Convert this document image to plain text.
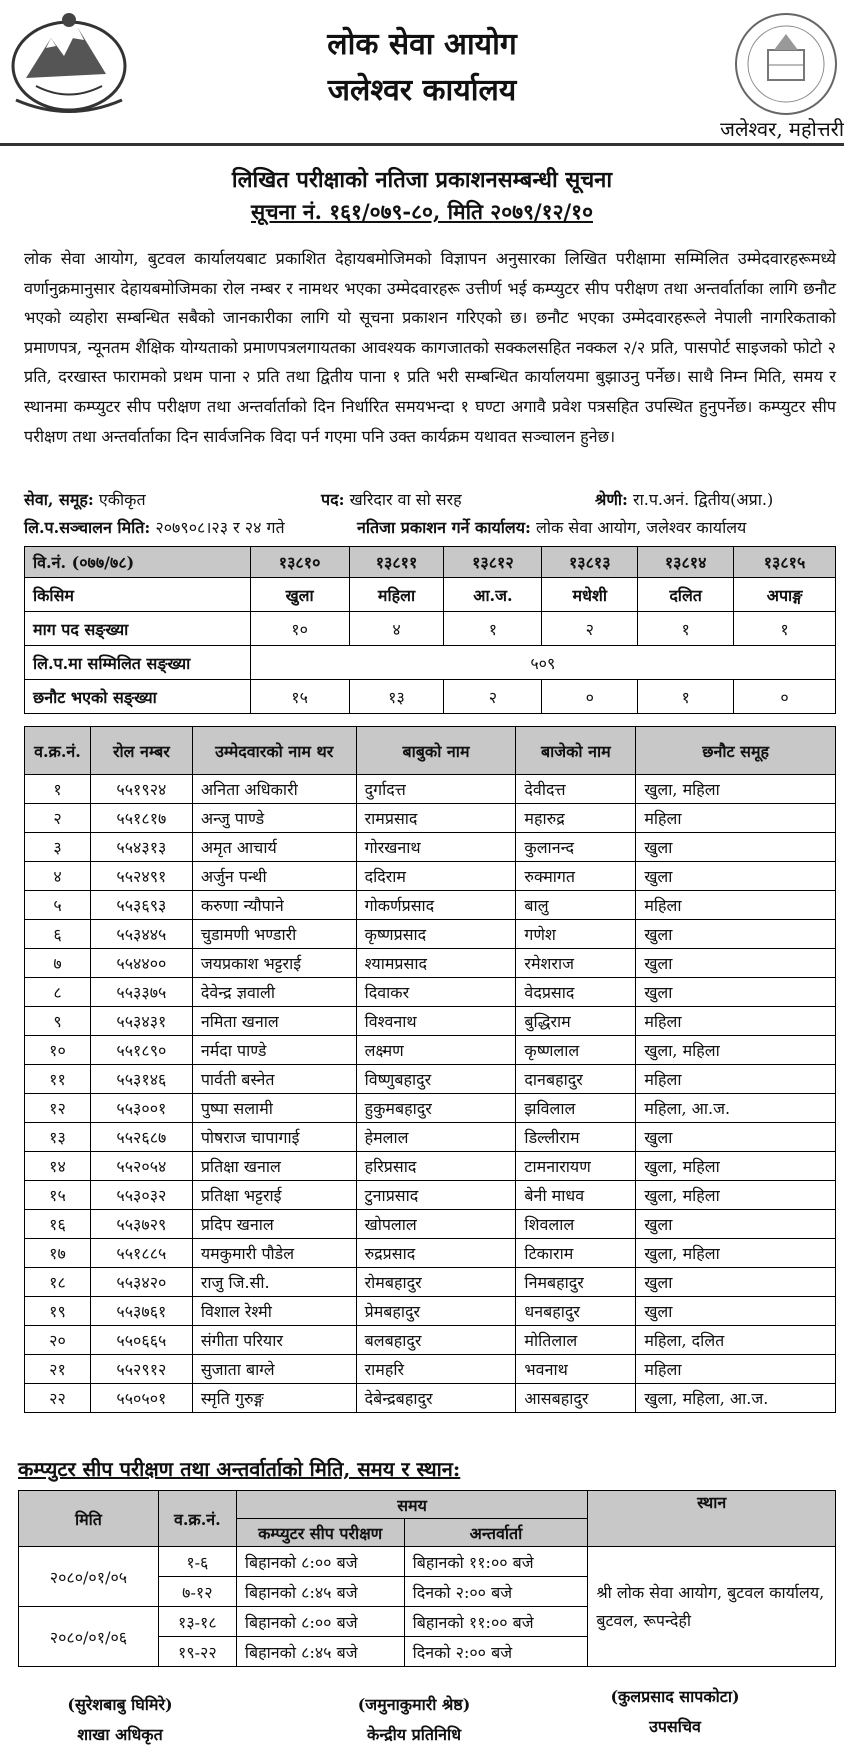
लोक सेवा आयोग
जलेश्वर कार्यालय
जलेश्वर, महोत्तरी
लिखित परीक्षाको नतिजा प्रकाशनसम्बन्धी सूचना
सूचना नं. १६१/०७९-८०, मिति २०७९/१२/१०
लोक सेवा आयोग, बुटवल कार्यालयबाट प्रकाशित देहायबमोजिमको विज्ञापन अनुसारका लिखित परीक्षामा सम्मिलित उम्मेदवारहरूमध्ये वर्णानुक्रमानुसार देहायबमोजिमका रोल नम्बर र नामथर भएका उम्मेदवारहरू उत्तीर्ण भई कम्प्युटर सीप परीक्षण तथा अन्तर्वार्ताका लागि छनौट भएको व्यहोरा सम्बन्धित सबैको जानकारीका लागि यो सूचना प्रकाशन गरिएको छ। छनौट भएका उम्मेदवारहरूले नेपाली नागरिकताको प्रमाणपत्र, न्यूनतम शैक्षिक योग्यताको प्रमाणपत्रलगायतका आवश्यक कागजातको सक्कलसहित नक्कल २/२ प्रति, पासपोर्ट साइजको फोटो २ प्रति, दरखास्त फारामको प्रथम पाना २ प्रति तथा द्वितीय पाना १ प्रति भरी सम्बन्धित कार्यालयमा बुझाउनु पर्नेछ। साथै निम्न मिति, समय र स्थानमा कम्प्युटर सीप परीक्षण तथा अन्तर्वार्ताको दिन निर्धारित समयभन्दा १ घण्टा अगावै प्रवेश पत्रसहित उपस्थित हुनुपर्नेछ। कम्प्युटर सीप परीक्षण तथा अन्तर्वार्ताका दिन सार्वजनिक विदा पर्न गएमा पनि उक्त कार्यक्रम यथावत सञ्चालन हुनेछ।
सेवा, समूह: एकीकृत	पद: खरिदार वा सो सरह	श्रेणी: रा.प.अनं. द्वितीय(अप्रा.)
लि.प.सञ्चालन मिति: २०७९०८।२३ र २४ गते	नतिजा प्रकाशन गर्ने कार्यालय: लोक सेवा आयोग, जलेश्वर कार्यालय
वि.नं. (०७७/७८)	१३८१०	१३८११	१३८१२	१३८१३	१३८१४	१३८१५
किसिम	खुला	महिला	आ.ज.	मधेशी	दलित	अपाङ्ग
माग पद सङ्ख्या	१०	४	१	२	१	१
लि.प.मा सम्मिलित सङ्ख्या	५०९					
छनौट भएको सङ्ख्या	१५	१३	२	०	१	०
व.क्र.नं.	रोल नम्बर	उम्मेदवारको नाम थर	बाबुको नाम	बाजेको नाम	छनौट समूह
१	५५१९२४	अनिता अधिकारी	दुर्गादत्त	देवीदत्त	खुला, महिला
२	५५१८१७	अन्जु पाण्डे	रामप्रसाद	महारुद्र	महिला
३	५५४३१३	अमृत आचार्य	गोरखनाथ	कुलानन्द	खुला
४	५५२४९१	अर्जुन पन्थी	ददिराम	रुक्मागत	खुला
५	५५३६९३	करुणा न्यौपाने	गोकर्णप्रसाद	बालु	महिला
६	५५३४४५	चुडामणी भण्डारी	कृष्णप्रसाद	गणेश	खुला
७	५५४४००	जयप्रकाश भट्टराई	श्यामप्रसाद	रमेशराज	खुला
८	५५३३७५	देवेन्द्र ज्ञवाली	दिवाकर	वेदप्रसाद	खुला
९	५५३४३१	नमिता खनाल	विश्वनाथ	बुद्धिराम	महिला
१०	५५१८९०	नर्मदा पाण्डे	लक्ष्मण	कृष्णलाल	खुला, महिला
११	५५३१४६	पार्वती बस्नेत	विष्णुबहादुर	दानबहादुर	महिला
१२	५५३००१	पुष्पा सलामी	हुकुमबहादुर	झविलाल	महिला, आ.ज.
१३	५५२६८७	पोषराज चापागाई	हेमलाल	डिल्लीराम	खुला
१४	५५२०५४	प्रतिक्षा खनाल	हरिप्रसाद	टामनारायण	खुला, महिला
१५	५५३०३२	प्रतिक्षा भट्टराई	टुनाप्रसाद	बेनी माधव	खुला, महिला
१६	५५३७२९	प्रदिप खनाल	खोपलाल	शिवलाल	खुला
१७	५५१८८५	यमकुमारी पौडेल	रुद्रप्रसाद	टिकाराम	खुला, महिला
१८	५५३४२०	राजु जि.सी.	रोमबहादुर	निमबहादुर	खुला
१९	५५३७६१	विशाल रेश्मी	प्रेमबहादुर	धनबहादुर	खुला
२०	५५०६६५	संगीता परियार	बलबहादुर	मोतिलाल	महिला, दलित
२१	५५२९१२	सुजाता बाग्ले	रामहरि	भवनाथ	महिला
२२	५५०५०१	स्मृति गुरुङ्ग	देबेन्द्रबहादुर	आसबहादुर	खुला, महिला, आ.ज.
कम्प्युटर सीप परीक्षण तथा अन्तर्वार्ताको मिति, समय र स्थान:
मिति	व.क्र.नं.	समय		स्थान
		कम्प्युटर सीप परीक्षण	अन्तर्वार्ता	
२०८०/०१/०५	१-६	बिहानको ८:०० बजे	बिहानको ११:०० बजे	श्री लोक सेवा आयोग, बुटवल कार्यालय, बुटवल, रूपन्देही
	७-१२	बिहानको ८:४५ बजे	दिनको २:०० बजे	
२०८०/०१/०६	१३-१८	बिहानको ८:०० बजे	बिहानको ११:०० बजे	
	१९-२२	बिहानको ८:४५ बजे	दिनको २:०० बजे	
(सुरेशबाबु घिमिरे)
शाखा अधिकृत
(जमुनाकुमारी श्रेष्ठ)
केन्द्रीय प्रतिनिधि
(कुलप्रसाद सापकोटा)
उपसचिव
